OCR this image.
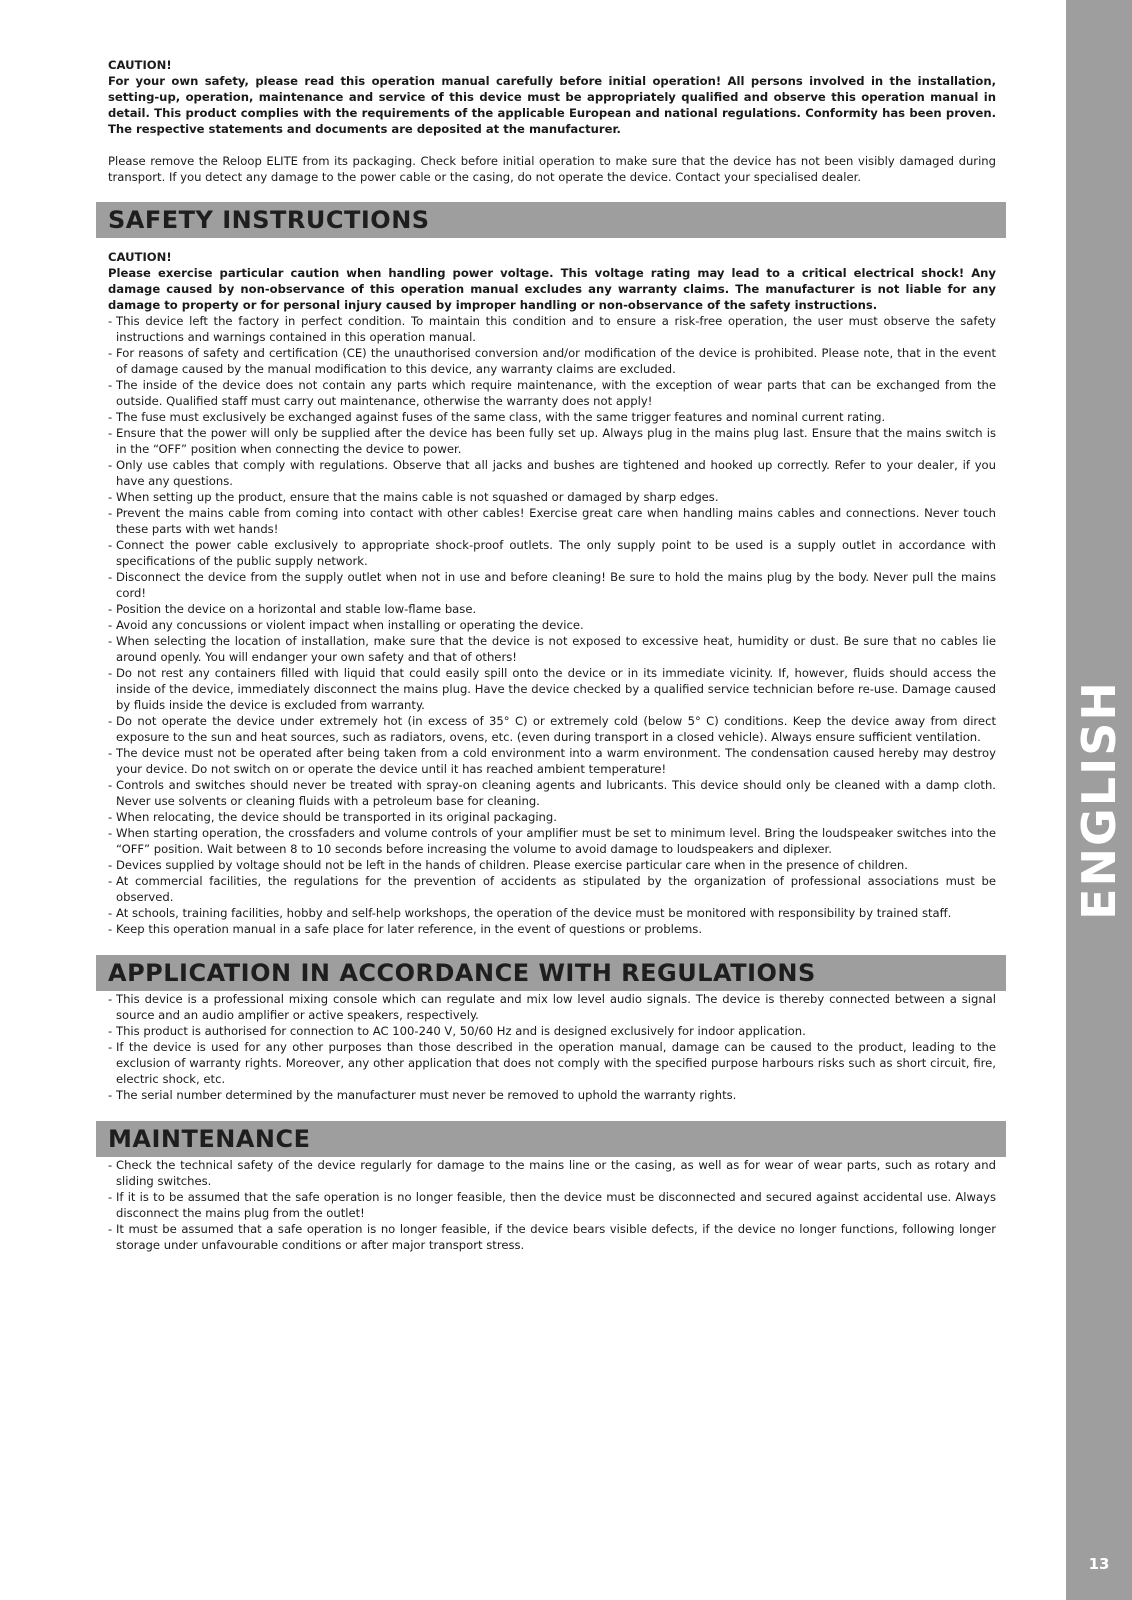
CAUTION!

For your own safety, please read this operation manual carefully before initial operation! All persons involved in the installation, setting-up, operation, maintenance and service of this device must be appropriately qualified and observe this operation manual in detail. This product complies with the requirements of the applicable European and national regulations. Conformity has been proven. The respective statements and documents are deposited at the manufacturer.

Please remove the Reloop ELITE from its packaging. Check before initial operation to make sure that the device has not been visibly damaged during transport. If you detect any damage to the power cable or the casing, do not operate the device. Contact your specialised dealer.

SAFETY INSTRUCTIONS

CAUTION!

Please exercise particular caution when handling power voltage. This voltage rating may lead to a critical electrical shock! Any damage caused by non-observance of this operation manual excludes any warranty claims. The manufacturer is not liable for any damage to property or for personal injury caused by improper handling or non-observance of the safety instructions.

- This device left the factory in perfect condition. To maintain this condition and to ensure a risk-free operation, the user must observe the safety instructions and warnings contained in this operation manual.
- For reasons of safety and certification (CE) the unauthorised conversion and/or modification of the device is prohibited. Please note, that in the event of damage caused by the manual modification to this device, any warranty claims are excluded.
- The inside of the device does not contain any parts which require maintenance, with the exception of wear parts that can be exchanged from the outside. Qualified staff must carry out maintenance, otherwise the warranty does not apply!
- The fuse must exclusively be exchanged against fuses of the same class, with the same trigger features and nominal current rating.
- Ensure that the power will only be supplied after the device has been fully set up. Always plug in the mains plug last. Ensure that the mains switch is in the “OFF” position when connecting the device to power.
- Only use cables that comply with regulations. Observe that all jacks and bushes are tightened and hooked up correctly. Refer to your dealer, if you have any questions.
- When setting up the product, ensure that the mains cable is not squashed or damaged by sharp edges.
- Prevent the mains cable from coming into contact with other cables! Exercise great care when handling mains cables and connections. Never touch these parts with wet hands!
- Connect the power cable exclusively to appropriate shock-proof outlets. The only supply point to be used is a supply outlet in accordance with specifications of the public supply network.
- Disconnect the device from the supply outlet when not in use and before cleaning! Be sure to hold the mains plug by the body. Never pull the mains cord!
- Position the device on a horizontal and stable low-flame base.
- Avoid any concussions or violent impact when installing or operating the device.
- When selecting the location of installation, make sure that the device is not exposed to excessive heat, humidity or dust. Be sure that no cables lie around openly. You will endanger your own safety and that of others!
- Do not rest any containers filled with liquid that could easily spill onto the device or in its immediate vicinity. If, however, fluids should access the inside of the device, immediately disconnect the mains plug. Have the device checked by a qualified service technician before re-use. Damage caused by fluids inside the device is excluded from warranty.
- Do not operate the device under extremely hot (in excess of 35° C) or extremely cold (below 5° C) conditions. Keep the device away from direct exposure to the sun and heat sources, such as radiators, ovens, etc. (even during transport in a closed vehicle). Always ensure sufficient ventilation.
- The device must not be operated after being taken from a cold environment into a warm environment. The condensation caused hereby may destroy your device. Do not switch on or operate the device until it has reached ambient temperature!
- Controls and switches should never be treated with spray-on cleaning agents and lubricants. This device should only be cleaned with a damp cloth. Never use solvents or cleaning fluids with a petroleum base for cleaning.
- When relocating, the device should be transported in its original packaging.
- When starting operation, the crossfaders and volume controls of your amplifier must be set to minimum level. Bring the loudspeaker switches into the “OFF” position. Wait between 8 to 10 seconds before increasing the volume to avoid damage to loudspeakers and diplexer.
- Devices supplied by voltage should not be left in the hands of children. Please exercise particular care when in the presence of children.
- At commercial facilities, the regulations for the prevention of accidents as stipulated by the organization of professional associations must be observed.
- At schools, training facilities, hobby and self-help workshops, the operation of the device must be monitored with responsibility by trained staff.
- Keep this operation manual in a safe place for later reference, in the event of questions or problems.
APPLICATION IN ACCORDANCE WITH REGULATIONS
- This device is a professional mixing console which can regulate and mix low level audio signals. The device is thereby connected between a signal source and an audio amplifier or active speakers, respectively.
- This product is authorised for connection to AC 100-240 V, 50/60 Hz and is designed exclusively for indoor application.
- If the device is used for any other purposes than those described in the operation manual, damage can be caused to the product, leading to the exclusion of warranty rights. Moreover, any other application that does not comply with the specified purpose harbours risks such as short circuit, fire, electric shock, etc.
- The serial number determined by the manufacturer must never be removed to uphold the warranty rights.
MAINTENANCE
- Check the technical safety of the device regularly for damage to the mains line or the casing, as well as for wear of wear parts, such as rotary and sliding switches.
- If it is to be assumed that the safe operation is no longer feasible, then the device must be disconnected and secured against accidental use. Always disconnect the mains plug from the outlet!
- It must be assumed that a safe operation is no longer feasible, if the device bears visible defects, if the device no longer functions, following longer storage under unfavourable conditions or after major transport stress.
ENGLISH
13
